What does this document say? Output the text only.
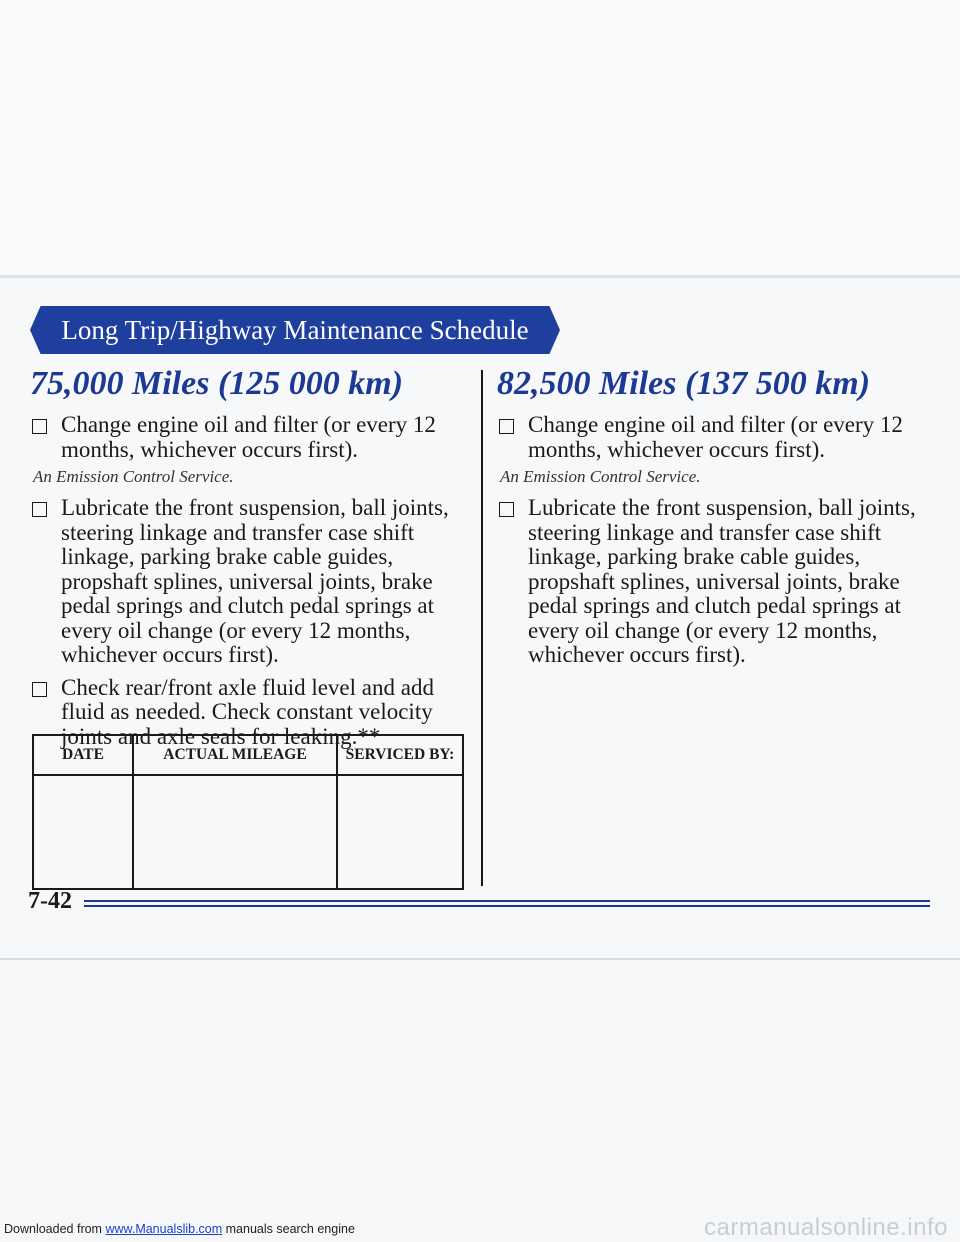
Long Trip/Highway Maintenance Schedule
75,000 Miles (125 000 km)
Change engine oil and filter (or every 12 months, whichever occurs first).
An Emission Control Service.
Lubricate the front suspension, ball joints, steering linkage and transfer case shift linkage, parking brake cable guides, propshaft splines, universal joints, brake pedal springs and clutch pedal springs at every oil change (or every 12 months, whichever occurs first).
Check rear/front axle fluid level and add fluid as needed. Check constant velocity joints and axle seals for leaking.**
DATE	ACTUAL MILEAGE	SERVICED BY:

82,500 Miles (137 500 km)
Change engine oil and filter (or every 12 months, whichever occurs first).
An Emission Control Service.
Lubricate the front suspension, ball joints, steering linkage and transfer case shift linkage, parking brake cable guides, propshaft splines, universal joints, brake pedal springs and clutch pedal springs at every oil change (or every 12 months, whichever occurs first).
7-42
Downloaded from www.Manualslib.com manuals search engine	carmanualsonline.info
